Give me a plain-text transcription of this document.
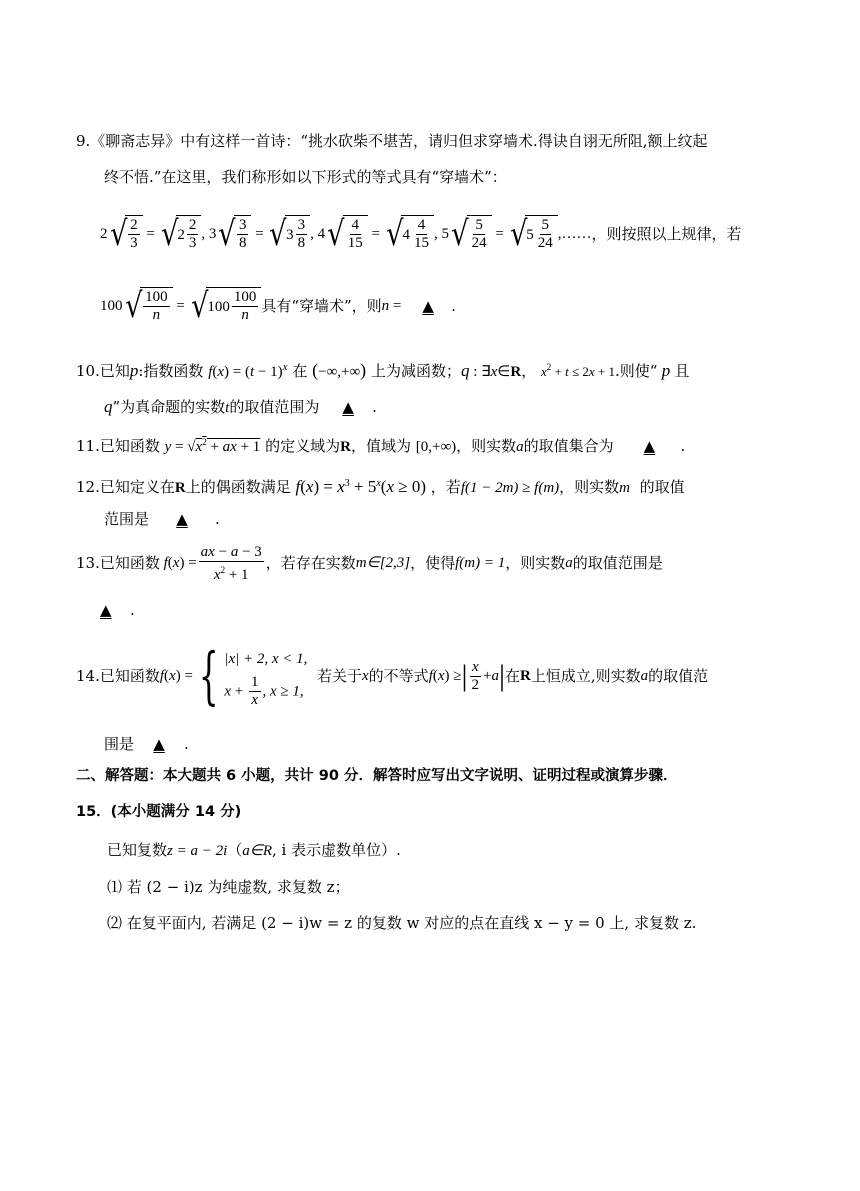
9.《聊斋志异》中有这样一首诗：“挑水砍柴不堪苦，请归但求穿墙术.得诀自诩无所阻,额上纹起
终不悟.”在这里，我们称形如以下形式的等式具有“穿墙术”：
2 √ $\frac{2}{3}$ = √ $2 \frac{2}{3}$ , 3 √ $\frac{3}{8}$ = √ $3 \frac{3}{8}$ , 4 √ $\frac{4}{15}$ = √ $4 \frac{4}{15}$ , 5 √ $\frac{5}{24}$ = √ $5 \frac{5}{24}$ ,…… ，则按照以上规律，若
100 √ $\frac{100}{n}$ = √ $100 \frac{100}{n}$ 具有“穿墙术”，则 n =	▲	.
10.已知p:指数函数 $f(x) = (t - 1)^x$ 在 (−∞,+∞) 上为减函数；q : ∃x∈R， $x^2 + t \le 2x + 1$.则使“ p 且
q”为真命题的实数t的取值范围为 ▲ .
11.已知函数 $y = √x^2$ + ax + 1 的定义域为R，值域为 [0,+∞)，则实数a的取值集合为 ▲ .
12.已知定义在R上的偶函数满足 $f(x) = x^3 + 5^x(x \ge 0)$ ，若f(1 − 2m) ≥ f(m)，则实数m 的取值
范围是 ▲ .
13.已知函数 f ( x ) = $\frac{ax - a - 3}{x^2 + 1}$ ，若存在实数 m∈[2,3] ，使得 f(m) = 1 ，则实数 a 的取值范围是
▲ .
14.已知函数 f ( x ) = { |x| + 2, x < 1,
$x + \frac{1}{x}$ , x ≥ 1,

若关于 x 的不等式 f ( x ) ≥ | $\frac{x}{2} + a$ | 在 R 上恒成立,则实数 a 的取值范
围是 ▲ .
二、解答题：本大题共 6 小题，共计 90 分．解答时应写出文字说明、证明过程或演算步骤．
15．(本小题满分 14 分)
已知复数z = a − 2i（a∈R, i 表示虚数单位）.
⑴ 若 (2 − i)z 为纯虚数, 求复数 z；
⑵ 在复平面内, 若满足 (2 − i)w = z 的复数 w 对应的点在直线 x − y = 0 上, 求复数 z.
